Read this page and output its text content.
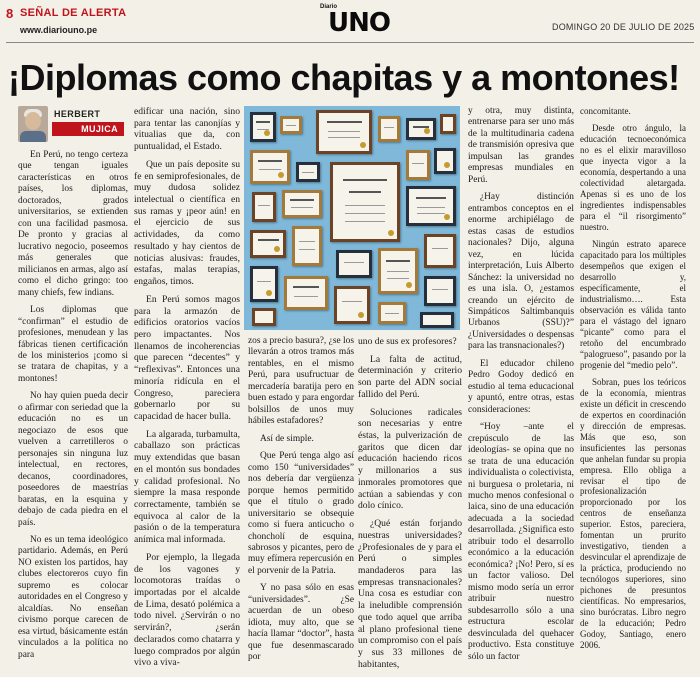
8 SEÑAL DE ALERTA
www.diariouno.pe
Diario
UNO	DOMINGO 20 DE JULIO DE 2025
¡Diplomas como chapitas y a montones!
HERBERT
MUJICA

En Perú, no tengo certeza que tengan iguales características en otros países, los diplomas, doctorados, grados universitarios, se extienden con una facilidad pasmosa. De pronto y gracias al lucrativo negocio, poseemos más generales que milicianos en armas, algo así como el dicho gringo: too many chiefs, few indians.

Los diplomas que “confirman” el estudio de profesiones, menudean y las fábricas tienen certificación de los ministerios ¡como si se tratara de chapitas, y a montones!

No hay quien pueda decir o afirmar con seriedad que la educación no es un negociazo de esos que vuelven a carretilleros o personajes sin ninguna luz intelectual, en rectores, decanos, coordinadores, poseedores de maestrías baratas, en la esquina y debajo de cada piedra en el país.

No es un tema ideológico partidario. Además, en Perú NO existen los partidos, hay clubes electoreros cuyo fin supremo es colocar autoridades en el Congreso y alcaldías. No enseñan civismo porque carecen de esa virtud, básicamente están vinculados a la política no para

edificar una nación, sino para tentar las canonjías y vitualias que da, con puntualidad, el Estado.

Que un país deposite su fe en semiprofesionales, de muy dudosa solidez intelectual o científica en sus ramas y ¡peor aún! en el ejercicio de sus actividades, da como resultado y hay cientos de noticias alusivas: fraudes, estafas, malas terapias, engaños, timos.

En Perú somos magos para la armazón de edificios oratorios vacíos pero impactantes. Nos llenamos de incoherencias que parecen “decentes” y “reflexivas”. Entonces una minoría ridícula en el Congreso, pareciera gobernarlo por su capacidad de hacer bulla.

La algarada, turbamulta, caballazo son prácticas muy extendidas que basan en el montón sus bondades y calidad profesional. No siempre la masa responde correctamente, también se equivoca al calor de la pasión o de la temperatura anímica mal informada.

Por ejemplo, la llegada de los vagones y locomotoras traídas o importadas por el alcalde de Lima, desató polémica a todo nivel. ¿Servirán o no servirán?, ¿serán declarados como chatarra y luego comprados por algún vivo a viva-

zos a precio basura?, ¿se los llevarán a otros tramos más rentables, en el mismo Perú, para usufructuar de mercadería baratija pero en buen estado y para engordar bolsillos de unos muy hábiles estafadores?

Así de simple.

Que Perú tenga algo así como 150 “universidades” nos debería dar vergüenza porque hemos permitido que el título o grado universitario se obsequie como si fuera anticucho o choncholí de esquina, sabrosos y picantes, pero de muy efímera repercusión en el porvenir de la Patria.

Y no pasa sólo en esas “universidades”. ¿Se acuerdan de un obeso idiota, muy alto, que se hacía llamar “doctor”, hasta que fue desenmascarado por

uno de sus ex profesores?

La falta de actitud, determinación y criterio son parte del ADN social fallido del Perú.

Soluciones radicales son necesarias y entre éstas, la pulverización de garitos que dicen dar educación haciendo ricos y millonarios a sus inmorales promotores que actúan a sabiendas y con dolo cínico.

¿Qué están forjando nuestras universidades? ¿Profesionales de y para el Perú o simples mandaderos para las empresas transnacionales? Una cosa es estudiar con la ineludible comprensión que todo aquel que arriba al plano profesional tiene un compromiso con el país y sus 33 millones de habitantes,

y otra, muy distinta, entrenarse para ser uno más de la multitudinaria cadena de transmisión opresiva que impulsan las grandes empresas mundiales en Perú.

¿Hay distinción entrambos conceptos en el enorme archipiélago de estas casas de estudios nacionales? Dijo, alguna vez, en lúcida interpretación, Luis Alberto Sánchez: la universidad no es una isla. O, ¿estamos creando un ejército de Simpáticos Saltimbanquis Urbanos (SSU)?” ¿Universidades o despensas para las transnacionales?)

El educador chileno Pedro Godoy dedicó en estudio al tema educacional y apuntó, entre otras, estas consideraciones:

“Hoy –ante el crepúsculo de las ideologías- se opina que no se trata de una educación individualista o colectivista, ni burguesa o proletaria, ni mucho menos confesional o laica, sino de una educación adecuada a la sociedad desarrollada. ¿Significa esto atribuir todo el desarrollo económico a la educación económica? ¡No! Pero, sí es un factor valioso. Del mismo modo sería un error atribuir nuestro subdesarrollo sólo a una estructura escolar desvinculada del quehacer productivo. Esta constituye sólo un factor

concomitante.

Desde otro ángulo, la educación tecnoeconómica no es el elixir maravilloso que inyecta vigor a la economía, despertando a una colectividad aletargada. Apenas si es uno de los ingredientes indispensables para el “il risorgimento” nuestro.

Ningún estrato aparece capacitado para los múltiples desempeños que exigen el desarrollo y, específicamente, el industrialismo…. Esta observación es válida tanto para el vástago del ignaro “picante” como para el retoño del encumbrado “palogrueso”, pasando por la progenie del “medio pelo”.

Sobran, pues los teóricos de la economía, mientras existe un déficit in crescendo de expertos en coordinación y dirección de empresas. Más que eso, son insuficientes las personas que anhelan fundar su propia empresa. Ello obliga a revisar el tipo de profesionalización proporcionado por los centros de enseñanza superior. Estos, pareciera, fomentan un prurito investigativo, tienden a desvincular el aprendizaje de la práctica, produciendo no tecnólogos superiores, sino pichones de presuntos científicas. No empresarios, sino burócratas. Libro negro de la educación; Pedro Godoy, Santiago, enero 2006.
